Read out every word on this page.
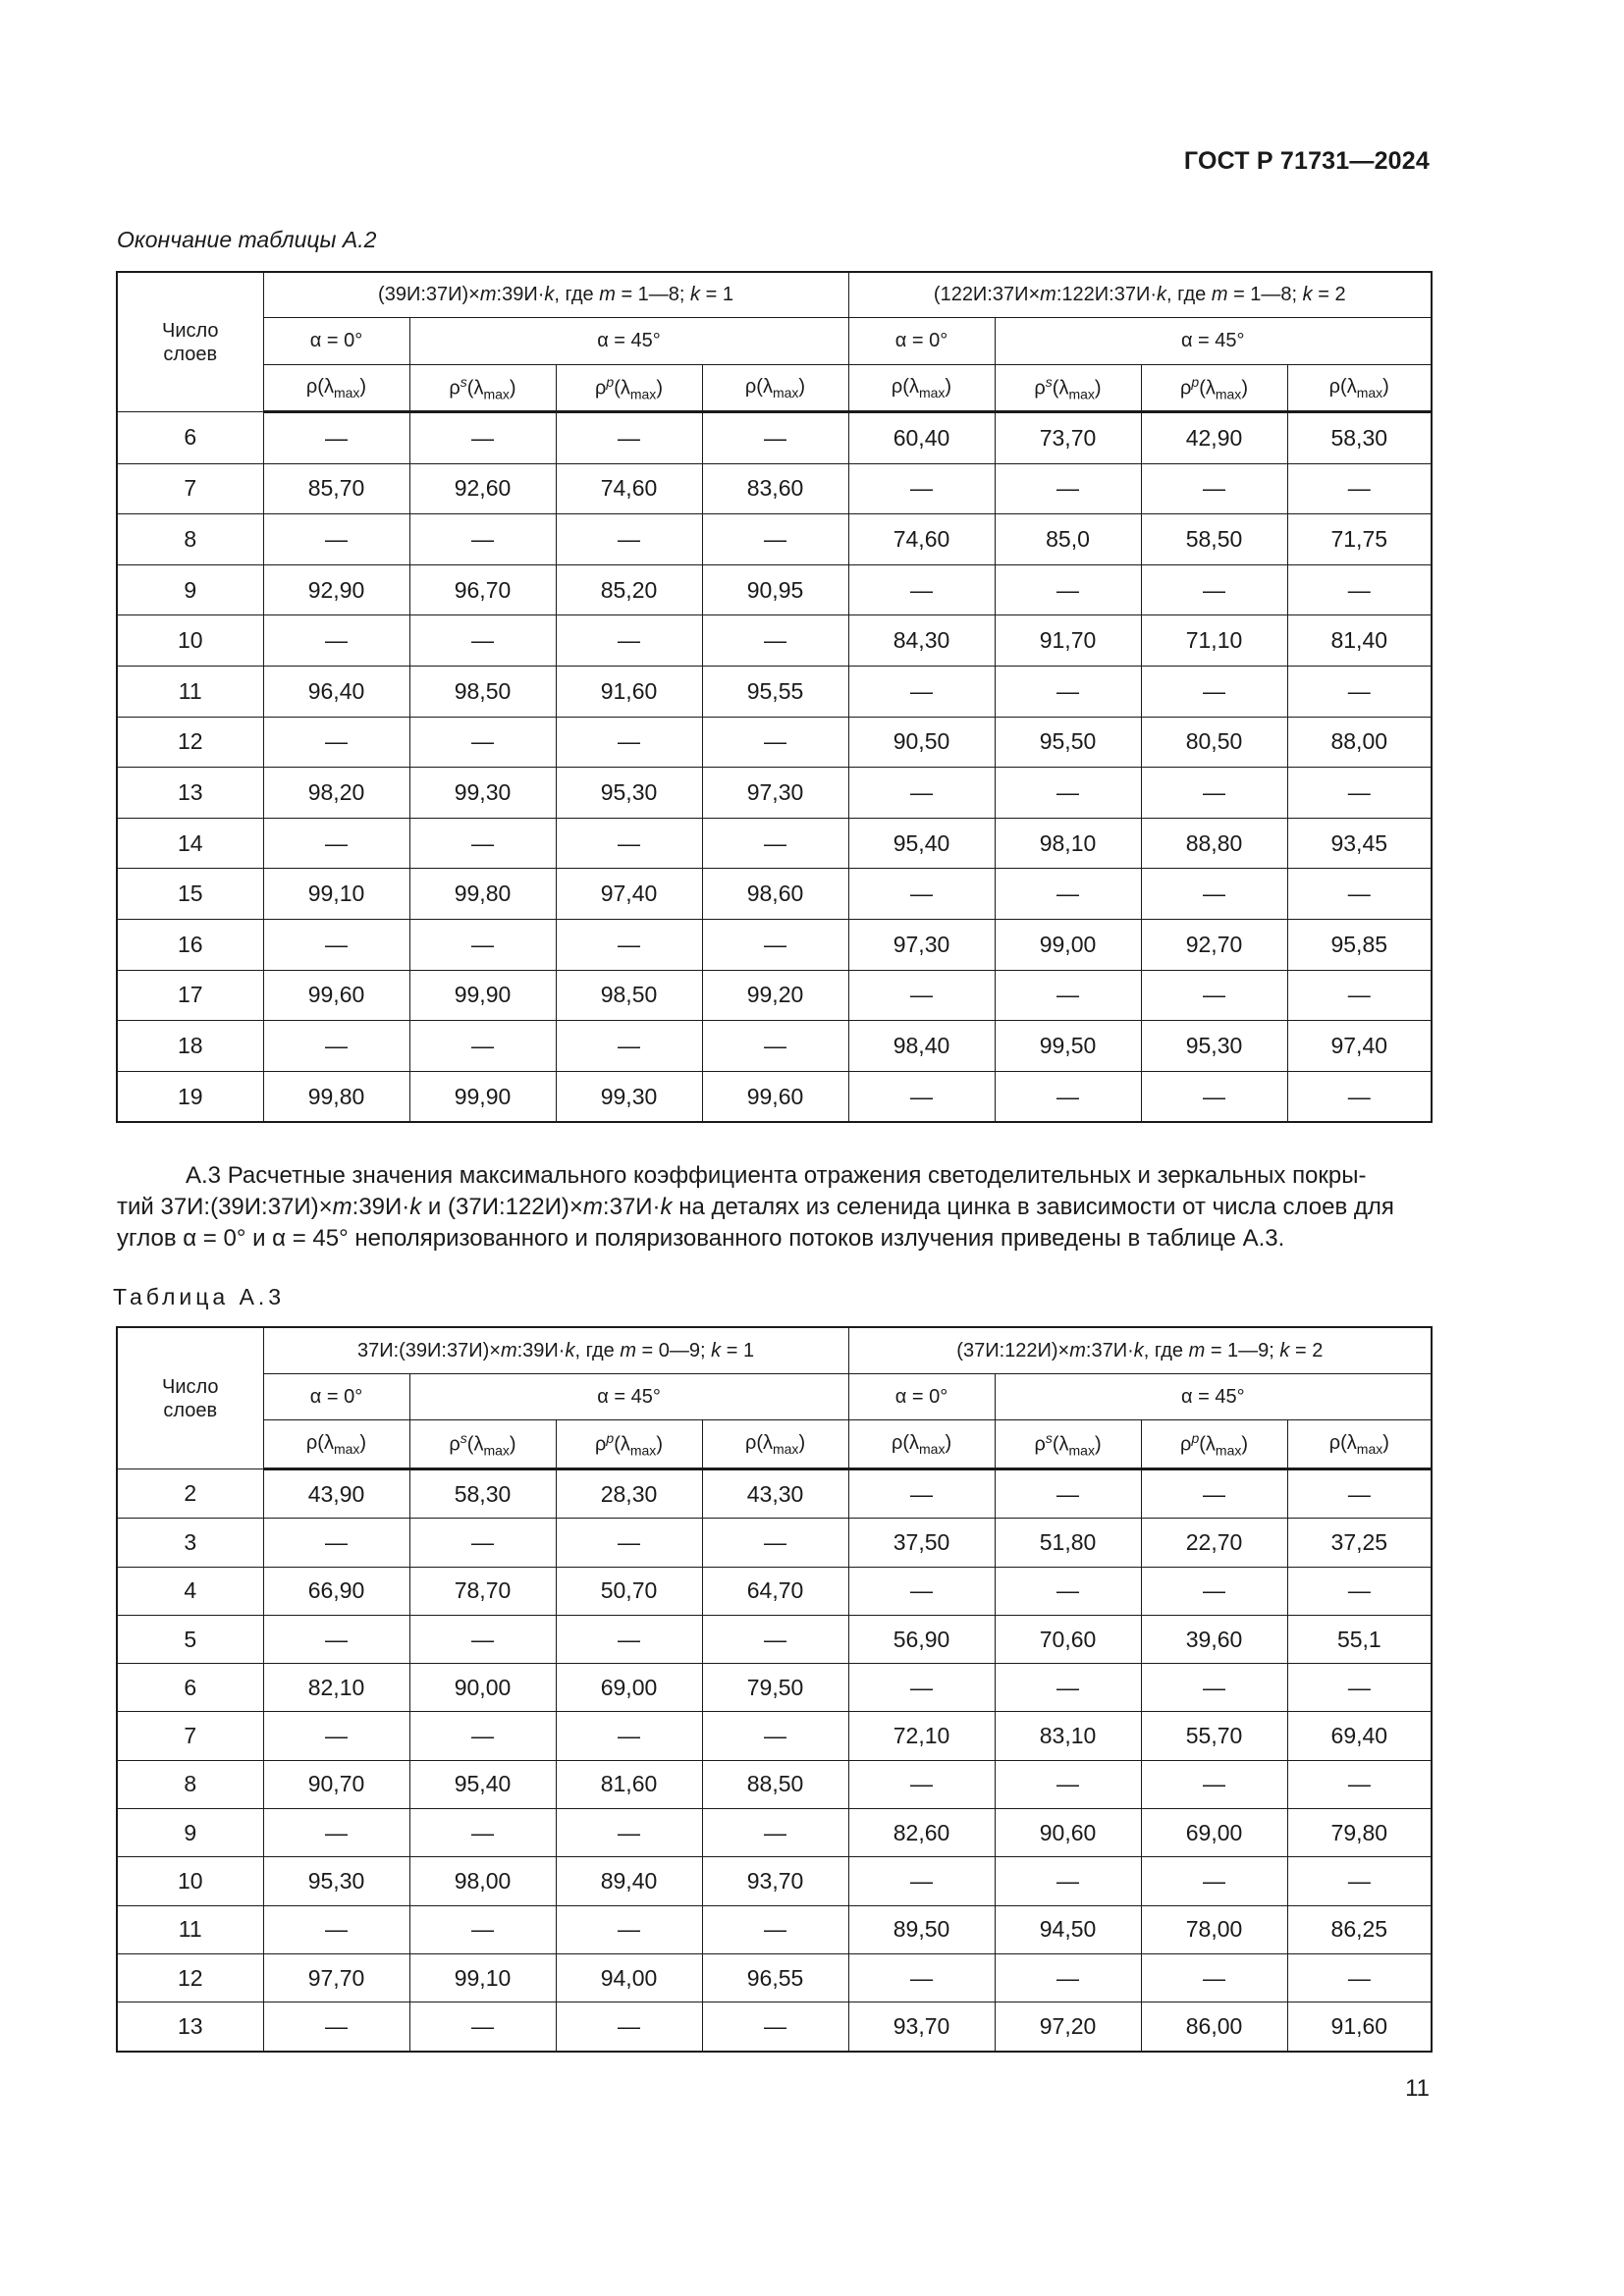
ГОСТ Р 71731—2024
Окончание таблицы А.2
Число слоев	(39И:37И)×m:39И·k, где m = 1—8; k = 1				(122И:37И×m:122И:37И·k, где m = 1—8; k = 2			
	α = 0°	α = 45°			α = 0°	α = 45°		
	$\rho(\lambda_{max})$	$\rho^s(\lambda_{max})$	$\rho^p(\lambda_{max})$	$\rho(\lambda_{max})$	$\rho(\lambda_{max})$	$\rho^s(\lambda_{max})$	$\rho^p(\lambda_{max})$	$\rho(\lambda_{max})$
6	—	—	—	—	60,40	73,70	42,90	58,30
7	85,70	92,60	74,60	83,60	—	—	—	—
8	—	—	—	—	74,60	85,0	58,50	71,75
9	92,90	96,70	85,20	90,95	—	—	—	—
10	—	—	—	—	84,30	91,70	71,10	81,40
11	96,40	98,50	91,60	95,55	—	—	—	—
12	—	—	—	—	90,50	95,50	80,50	88,00
13	98,20	99,30	95,30	97,30	—	—	—	—
14	—	—	—	—	95,40	98,10	88,80	93,45
15	99,10	99,80	97,40	98,60	—	—	—	—
16	—	—	—	—	97,30	99,00	92,70	95,85
17	99,60	99,90	98,50	99,20	—	—	—	—
18	—	—	—	—	98,40	99,50	95,30	97,40
19	99,80	99,90	99,30	99,60	—	—	—	—
А.3 Расчетные значения максимального коэффициента отражения светоделительных и зеркальных покры-
тий 37И:(39И:37И)×m:39И·k и (37И:122И)×m:37И·k на деталях из селенида цинка в зависимости от числа слоев для
углов α = 0° и α = 45° неполяризованного и поляризованного потоков излучения приведены в таблице А.3.
Таблица А.3
Число слоев	37И:(39И:37И)×m:39И·k, где m = 0—9; k = 1				(37И:122И)×m:37И·k, где m = 1—9; k = 2			
	α = 0°	α = 45°			α = 0°	α = 45°		
	$\rho(\lambda_{max})$	$\rho^s(\lambda_{max})$	$\rho^p(\lambda_{max})$	$\rho(\lambda_{max})$	$\rho(\lambda_{max})$	$\rho^s(\lambda_{max})$	$\rho^p(\lambda_{max})$	$\rho(\lambda_{max})$
2	43,90	58,30	28,30	43,30	—	—	—	—
3	—	—	—	—	37,50	51,80	22,70	37,25
4	66,90	78,70	50,70	64,70	—	—	—	—
5	—	—	—	—	56,90	70,60	39,60	55,1
6	82,10	90,00	69,00	79,50	—	—	—	—
7	—	—	—	—	72,10	83,10	55,70	69,40
8	90,70	95,40	81,60	88,50	—	—	—	—
9	—	—	—	—	82,60	90,60	69,00	79,80
10	95,30	98,00	89,40	93,70	—	—	—	—
11	—	—	—	—	89,50	94,50	78,00	86,25
12	97,70	99,10	94,00	96,55	—	—	—	—
13	—	—	—	—	93,70	97,20	86,00	91,60
11
